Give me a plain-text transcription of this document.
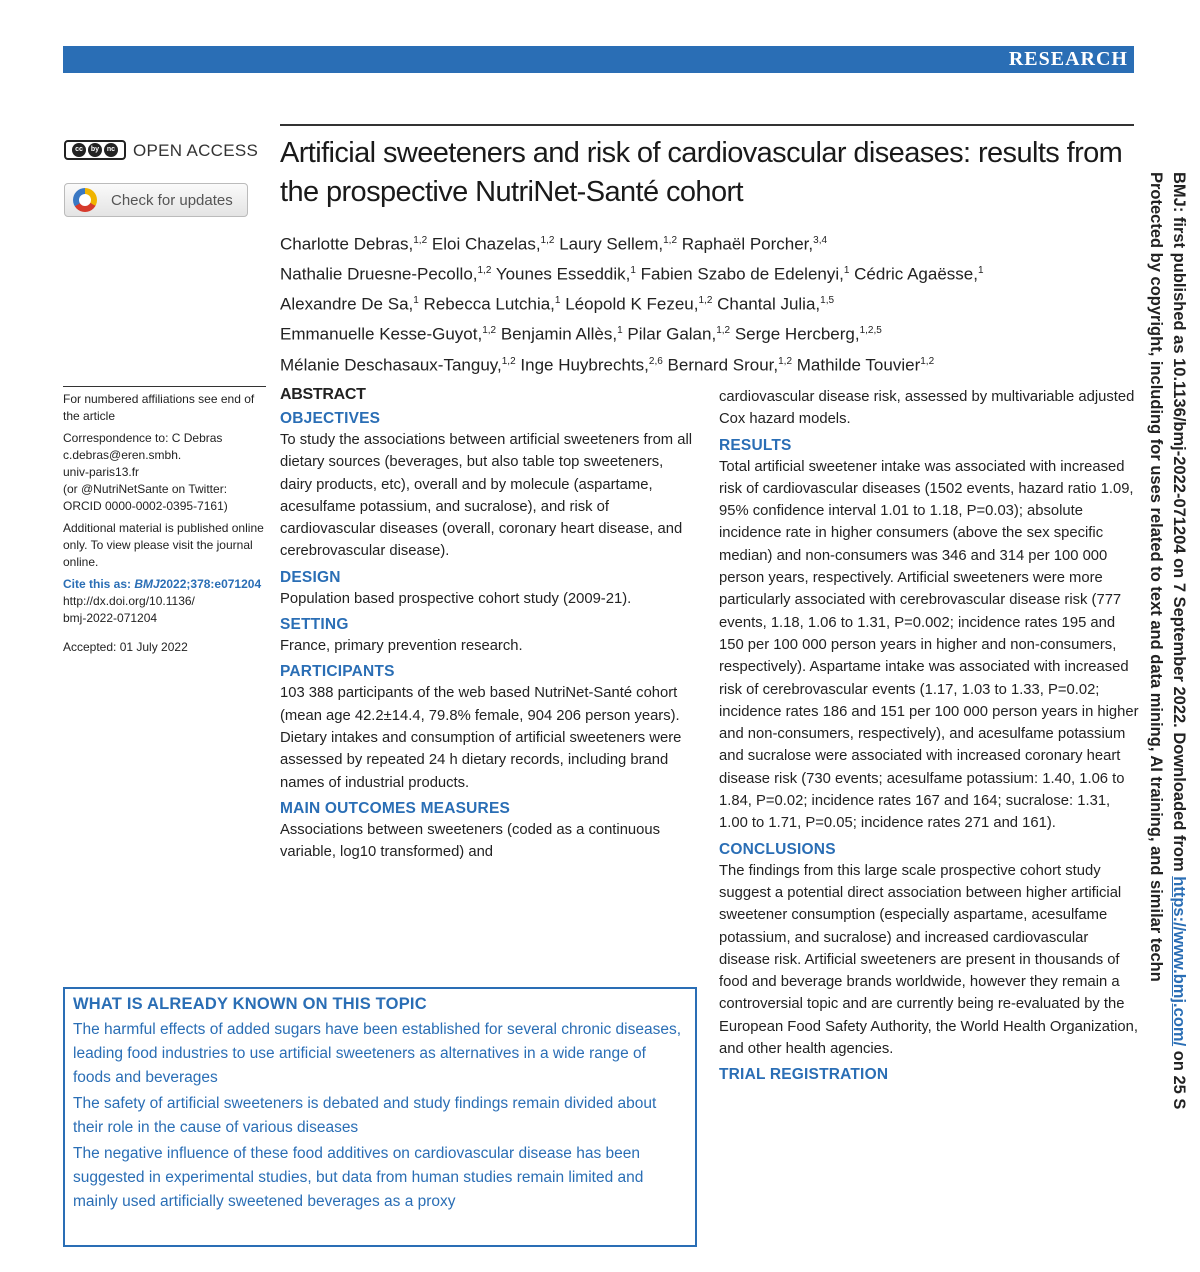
RESEARCH
cc	by	nc OPEN ACCESS
Check for updates
Artificial sweeteners and risk of cardiovascular diseases: results from the prospective NutriNet-Santé cohort
Charlotte Debras,$^{1,2}$ Eloi Chazelas,$^{1,2}$ Laury Sellem,$^{1,2}$ Raphaël Porcher,$^{3,4}$
Nathalie Druesne-Pecollo,$^{1,2}$ Younes Esseddik,$^1$ Fabien Szabo de Edelenyi,$^1$ Cédric Agaësse,$^1$
Alexandre De Sa,$^1$ Rebecca Lutchia,$^1$ Léopold K Fezeu,$^{1,2}$ Chantal Julia,$^{1,5}$
Emmanuelle Kesse-Guyot,$^{1,2}$ Benjamin Allès,$^1$ Pilar Galan,$^{1,2}$ Serge Hercberg,$^{1,2,5}$
Mélanie Deschasaux-Tanguy,$^{1,2}$ Inge Huybrechts,$^{2,6}$ Bernard Srour,$^{1,2}$ Mathilde Touvier$^{1,2}$

For numbered affiliations see end of the article

Correspondence to: C Debras
c.debras@eren.smbh.
univ-paris13.fr
(or @NutriNetSante on Twitter:
ORCID 0000-0002-0395-7161)

Additional material is published online only. To view please visit the journal online.

Cite this as: BMJ2022;378:e071204

http://dx.doi.org/10.1136/
bmj-2022-071204

Accepted: 01 July 2022

ABSTRACT
OBJECTIVES
To study the associations between artificial sweeteners from all dietary sources (beverages, but also table top sweeteners, dairy products, etc), overall and by molecule (aspartame, acesulfame potassium, and sucralose), and risk of cardiovascular diseases (overall, coronary heart disease, and cerebrovascular disease).
DESIGN
Population based prospective cohort study (2009-21).
SETTING
France, primary prevention research.
PARTICIPANTS
103 388 participants of the web based NutriNet-Santé cohort (mean age 42.2±14.4, 79.8% female, 904 206 person years). Dietary intakes and consumption of artificial sweeteners were assessed by repeated 24 h dietary records, including brand names of industrial products.
MAIN OUTCOMES MEASURES
Associations between sweeteners (coded as a continuous variable, log10 transformed) and
cardiovascular disease risk, assessed by multivariable adjusted Cox hazard models.
RESULTS
Total artificial sweetener intake was associated with increased risk of cardiovascular diseases (1502 events, hazard ratio 1.09, 95% confidence interval 1.01 to 1.18, P=0.03); absolute incidence rate in higher consumers (above the sex specific median) and non-consumers was 346 and 314 per 100 000 person years, respectively. Artificial sweeteners were more particularly associated with cerebrovascular disease risk (777 events, 1.18, 1.06 to 1.31, P=0.002; incidence rates 195 and 150 per 100 000 person years in higher and non-consumers, respectively). Aspartame intake was associated with increased risk of cerebrovascular events (1.17, 1.03 to 1.33, P=0.02; incidence rates 186 and 151 per 100 000 person years in higher and non-consumers, respectively), and acesulfame potassium and sucralose were associated with increased coronary heart disease risk (730 events; acesulfame potassium: 1.40, 1.06 to 1.84, P=0.02; incidence rates 167 and 164; sucralose: 1.31, 1.00 to 1.71, P=0.05; incidence rates 271 and 161).
CONCLUSIONS
The findings from this large scale prospective cohort study suggest a potential direct association between higher artificial sweetener consumption (especially aspartame, acesulfame potassium, and sucralose) and increased cardiovascular disease risk. Artificial sweeteners are present in thousands of food and beverage brands worldwide, however they remain a controversial topic and are currently being re-evaluated by the European Food Safety Authority, the World Health Organization, and other health agencies.
TRIAL REGISTRATION
WHAT IS ALREADY KNOWN ON THIS TOPIC
The harmful effects of added sugars have been established for several chronic diseases, leading food industries to use artificial sweeteners as alternatives in a wide range of foods and beverages
The safety of artificial sweeteners is debated and study findings remain divided about their role in the cause of various diseases
The negative influence of these food additives on cardiovascular disease has been suggested in experimental studies, but data from human studies remain limited and mainly used artificially sweetened beverages as a proxy
BMJ: first published as 10.1136/bmj-2022-071204 on 7 September 2022. Downloaded from https://www.bmj.com/ on 25 S
Protected by copyright, including for uses related to text and data mining, AI training, and similar techn
